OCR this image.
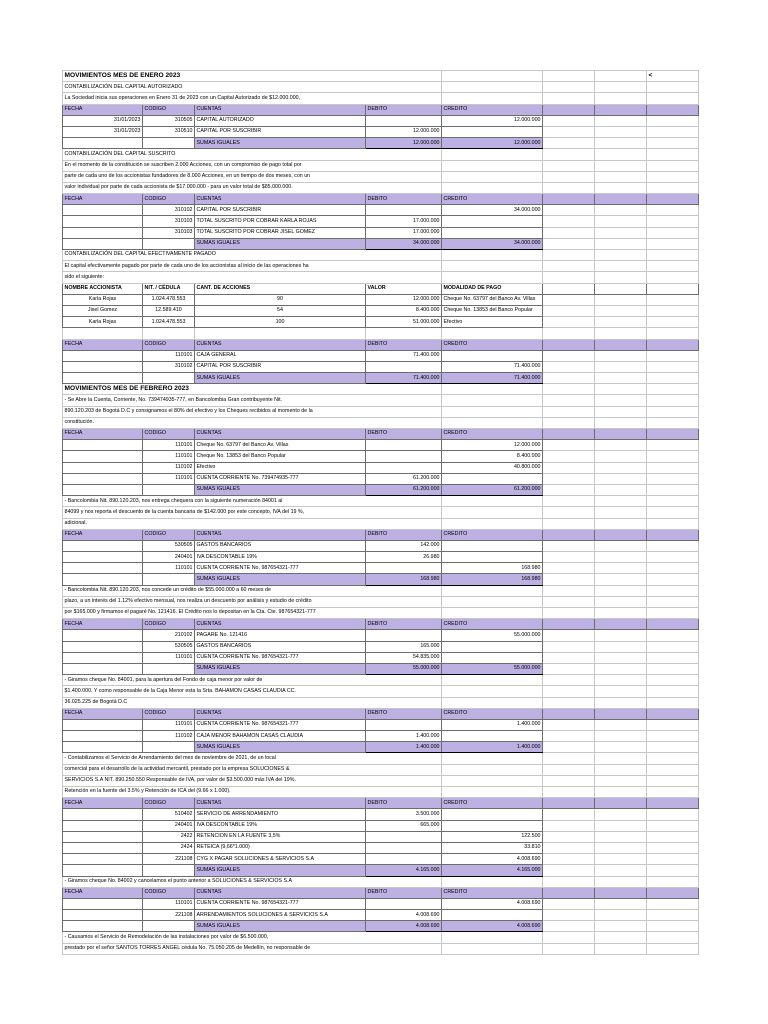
MOVIMIENTOS MES DE ENERO 2023							<
CONTABILIZACIÓN DEL CAPITAL AUTORIZADO							
La Sociedad inicia sus operaciones en Enero 31 de 2023 con un Capital Autorizado de $12.000.000,							
FECHA	CODIGO	CUENTAS	DEBITO	CREDITO			
31/01/2023	310505	CAPITAL AUTORIZADO		12.000.000			
31/01/2023	310510	CAPITAL POR SUSCRIBIR	12.000.000				
		SUMAS IGUALES	12.000.000	12.000.000			
CONTABILIZACIÓN DEL CAPITAL SUSCRITO							
En el momento de la constitución se suscriben 2.000 Acciones, con un compromiso de pago total por							
parte de cada uno de los accionistas fundadores de 8.000 Acciones, en un tiempo de dos meses, con un							
valor individual por parte de cada accionista de $17.000.000 - para un valor total de $85.000.000.							
FECHA	CODIGO	CUENTAS	DEBITO	CREDITO			
	310102	CAPITAL POR SUSCRIBIR		34.000.000			
	310103	TOTAL SUSCRITO POR COBRAR KARLA ROJAS	17.000.000				
	310103	TOTAL SUSCRITO POR COBRAR JISEL GOMEZ	17.000.000				
		SUMAS IGUALES	34.000.000	34.000.000			
CONTABILIZACIÓN DEL CAPITAL EFECTIVAMENTE PAGADO							
El capital efectivamente pagado por parte de cada uno de los accionistas al inicio de las operaciones ha							
sido el siguiente:							
NOMBRE ACCIONISTA	NIT. / CÉDULA	CANT. DE ACCIONES	VALOR	MODALIDAD DE PAGO			
Karla Rojas	1.024.478.553	90	12.000.000	Cheque No. 63797 del Banco Av. Villas			
Jisel Gomez	12.589.410	54	8.400.000	Cheque No. 13853 del Banco Popular			
Karla Rojas	1.024.478.553	100	51.000.000	Efectivo			

FECHA	CODIGO	CUENTAS	DEBITO	CREDITO			
	110101	CAJA GENERAL	71.400.000				
	310102	CAPITAL POR SUSCRIBIR		71.400.000			
		SUMAS IGUALES	71.400.000	71.400.000			
MOVIMIENTOS MES DE FEBRERO 2023							
- Se Abre la Cuenta, Corriente, No. 739474935-777, en Bancolombia Gran contribuyente Nit.							
890.120.203 de Bogotá D.C y consignamos el 80% del efectivo y los Cheques recibidos al momento de la							
constitución.							
FECHA	CODIGO	CUENTAS	DEBITO	CREDITO			
	110101	Cheque No. 63797 del Banco Av. Villas		12.000.000			
	110101	Cheque No. 13853 del Banco Popular		8.400.000			
	110102	Efectivo		40.800.000			
	110101	CUENTA CORRIENTE No. 739474935-777	61.200.000				
		SUMAS IGUALES	61.200.000	61.200.000			
- Bancolombia Nit. 890.120.203, nos entrega chequera con la siguiente numeración 84001 al							
84099 y nos reporta el descuento de la cuenta bancaria de $142.000 por este concepto, IVA del 19 %,							
adicional.							
FECHA	CODIGO	CUENTAS	DEBITO	CREDITO			
	530505	GASTOS BANCARIOS	142.000				
	240401	IVA DESCONTABLE 19%	26.980				
	110101	CUENTA CORRIENTE No. 987654321-777		168.980			
		SUMAS IGUALES	168.980	168.980			
- Bancolombia Nit. 890.120.203, nos concede un crédito de $55.000.000 a 60 meses de							
plazo, a un interés del 1.12% efectivo mensual, nos realiza un descuento por análisis y estudio de crédito							
por $165.000 y firmamos el pagaré No. 121416. El Crédito nos lo depositan en la Cta. Cte. 987654321-777							
FECHA	CODIGO	CUENTAS	DEBITO	CREDITO			
	210102	PAGARE No. 121416		55.000.000			
	530505	GASTOS BANCARIOS	165.000				
	110101	CUENTA CORRIENTE No. 987654321-777	54.835.000				
		SUMAS IGUALES	55.000.000	55.000.000			
- Giramos cheque No. 84001, para la apertura del Fondo de caja menor por valor de							
$1.400.000. Y como responsable de la Caja Menor esta la Srta. BAHAMON CASAS CLAUDIA CC.							
36.025.225 de Bogotá D.C							
FECHA	CODIGO	CUENTAS	DEBITO	CREDITO			
	110101	CUENTA CORRIENTE No. 987654321-777		1.400.000			
	110102	CAJA MENOR BAHAMON CASAS CLAUDIA	1.400.000				
		SUMAS IGUALES	1.400.000	1.400.000			
- Contabilizamos el Servicio de Arrendamiento del mes de noviembre de 2021, de un local							
comercial para el desarrollo de la actividad mercantil, prestado por la empresa SOLUCIONES &							
SERVICIOS S.A NIT. 890.250.550 Responsable de IVA, por valor de $3.500.000 más IVA del 19%.							
Retención en la fuente del 3.5% y Retención de ICA del (9.66 x 1.000).							
FECHA	CODIGO	CUENTAS	DEBITO	CREDITO			
	510402	SERVICIO DE ARRENDAMIENTO	3.500.000				
	240401	IVA DESCONTABLE 19%	665.000				
	2422	RETENCION EN LA FUENTE 3,5%		122.500			
	2424	RETEICA (9,66*1.000)		33.810			
	221108	CYG X PAGAR SOLUCIONES & SERVICIOS S.A		4.008.690			
		SUMAS IGUALES	4.165.000	4.165.000			
- Giramos cheque No. 84002 y cancelamos el punto anterior a SOLUCIONES & SERVICIOS S.A							
FECHA	CODIGO	CUENTAS	DEBITO	CREDITO			
	110101	CUENTA CORRIENTE No. 987654321-777		4.008.690			
	221108	ARRENDAMIENTOS SOLUCIONES & SERVICIOS S.A	4.008.690				
		SUMAS IGUALES	4.008.690	4.008.690			
- Causamos el Servicio de Remodelación de las instalaciones por valor de $6.500.000,							
prestado por el señor SANTOS TORRES ANGEL cédula No. 75.050.205 de Medellín, no responsable de							
